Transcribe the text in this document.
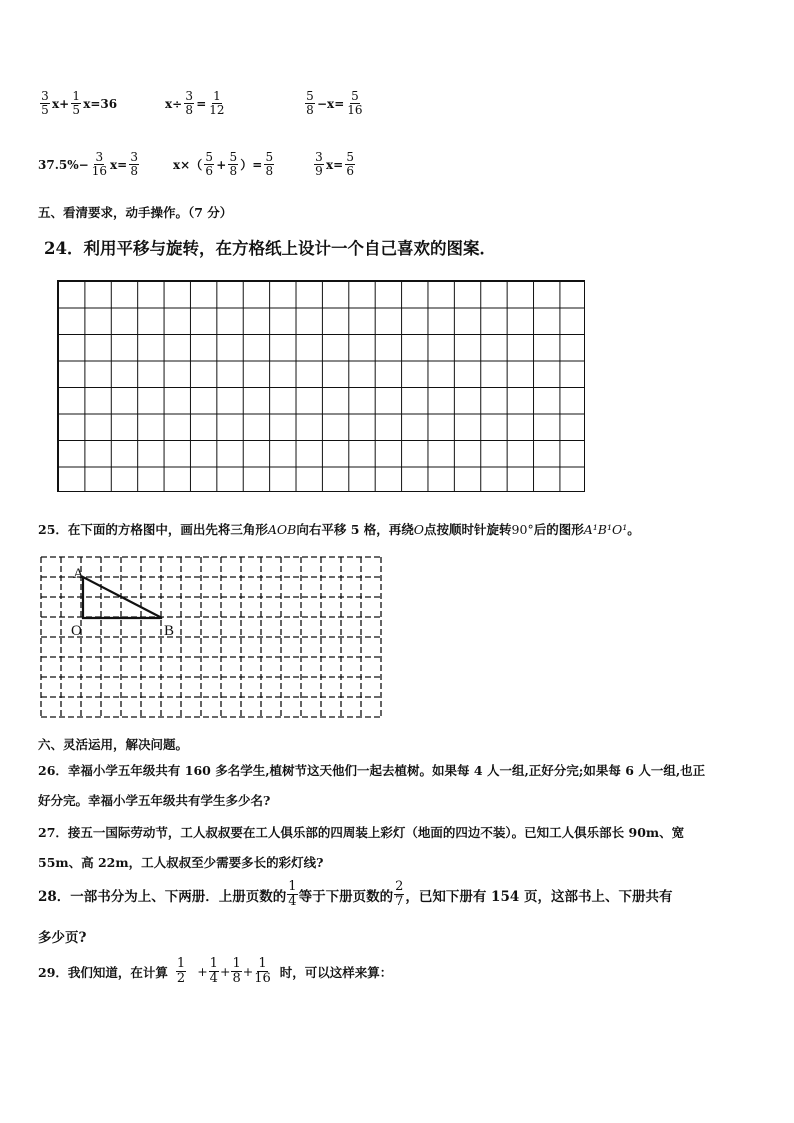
$\frac{3}{5} x+ \frac{1}{5} x=36$	$x\div \frac{3}{8} = \frac{1}{12}$	$\frac{5}{8} -x= \frac{5}{16}$
$37.5\%- \frac{3}{16} x= \frac{3}{8}$	$x\times( \frac{5}{6} + \frac{5}{8}$ ）= $\frac{5}{8}$	$\frac{3}{9} x= \frac{5}{6}$
五、看清要求，动手操作。（7 分）
24．利用平移与旋转，在方格纸上设计一个自己喜欢的图案．
25．在下面的方格图中，画出先将三角形AOB向右平移 5 格，再绕O点按顺时针旋转90°后的图形A¹B¹O¹。
A
O	B
六、灵活运用，解决问题。
26．幸福小学五年级共有 160 多名学生,植树节这天他们一起去植树。如果每 4 人一组,正好分完;如果每 6 人一组,也正
好分完。幸福小学五年级共有学生多少名?
27．接五一国际劳动节，工人叔叔要在工人俱乐部的四周装上彩灯（地面的四边不装）。已知工人俱乐部长 90m、宽
55m、高 22m，工人叔叔至少需要多长的彩灯线?
28．一部书分为上、下两册．上册页数的 $\frac{1}{4}$ 等于下册页数的 $\frac{2}{7}$ ，已知下册有 154 页，这部书上、下册共有
多少页?
29．我们知道，在计算 $\frac{1}{2} + \frac{1}{4} + \frac{1}{8} + \frac{1}{16}$ 时，可以这样来算：
